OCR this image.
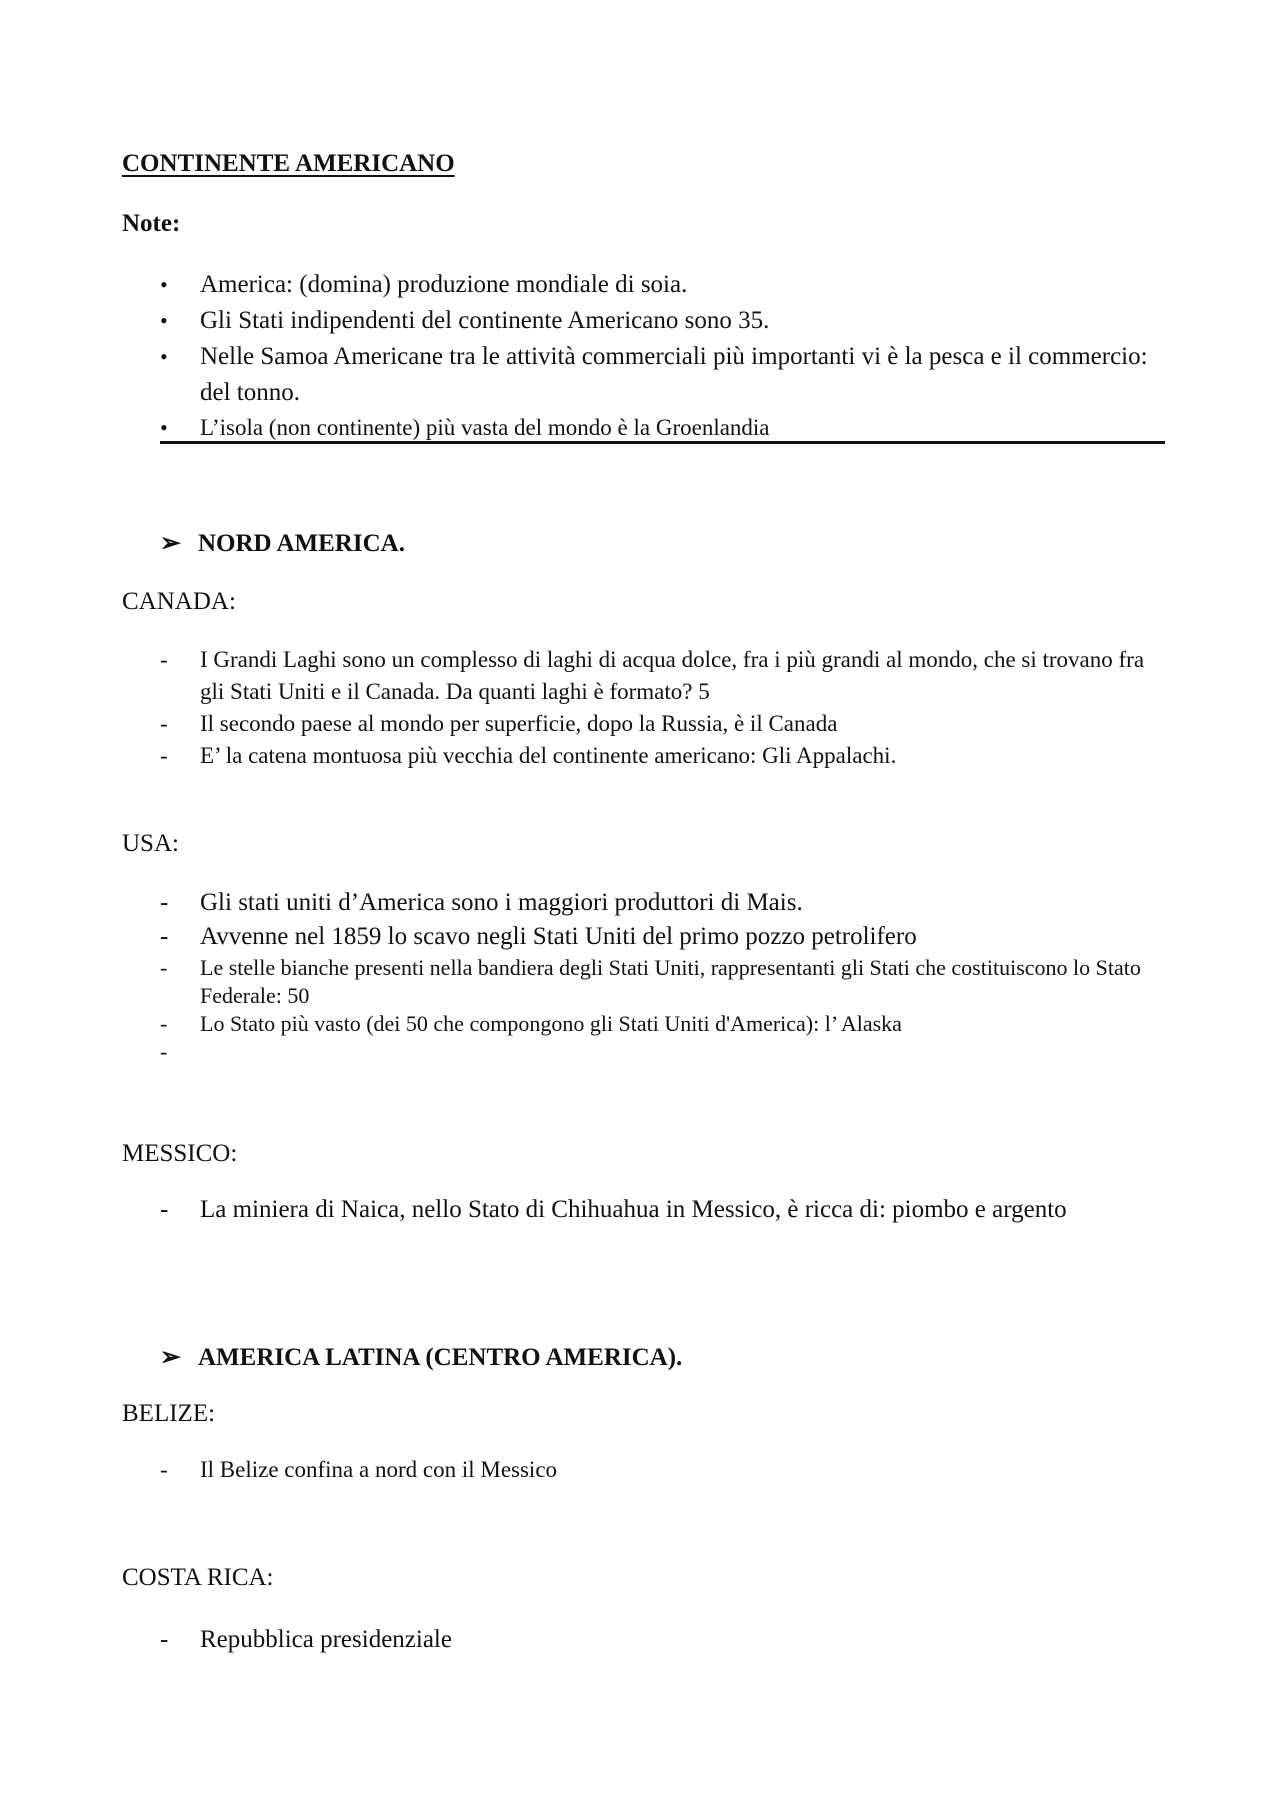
CONTINENTE AMERICANO
Note:
• America: (domina) produzione mondiale di soia.
• Gli Stati indipendenti del continente Americano sono 35.
• Nelle Samoa Americane tra le attività commerciali più importanti vi è la pesca e il commercio: del tonno.
• L’isola (non continente) più vasta del mondo è la Groenlandia
➢ NORD AMERICA.
CANADA:
- I Grandi Laghi sono un complesso di laghi di acqua dolce, fra i più grandi al mondo, che si trovano fra gli Stati Uniti e il Canada. Da quanti laghi è formato? 5
- Il secondo paese al mondo per superficie, dopo la Russia, è il Canada
- E’ la catena montuosa più vecchia del continente americano: Gli Appalachi.
USA:
- Gli stati uniti d’America sono i maggiori produttori di Mais.
- Avvenne nel 1859 lo scavo negli Stati Uniti del primo pozzo petrolifero
- Le stelle bianche presenti nella bandiera degli Stati Uniti, rappresentanti gli Stati che costituiscono lo Stato Federale: 50
- Lo Stato più vasto (dei 50 che compongono gli Stati Uniti d'America): l’ Alaska
-
MESSICO:
- La miniera di Naica, nello Stato di Chihuahua in Messico, è ricca di: piombo e argento
➢ AMERICA LATINA (CENTRO AMERICA).
BELIZE:
- Il Belize confina a nord con il Messico
COSTA RICA:
- Repubblica presidenziale
